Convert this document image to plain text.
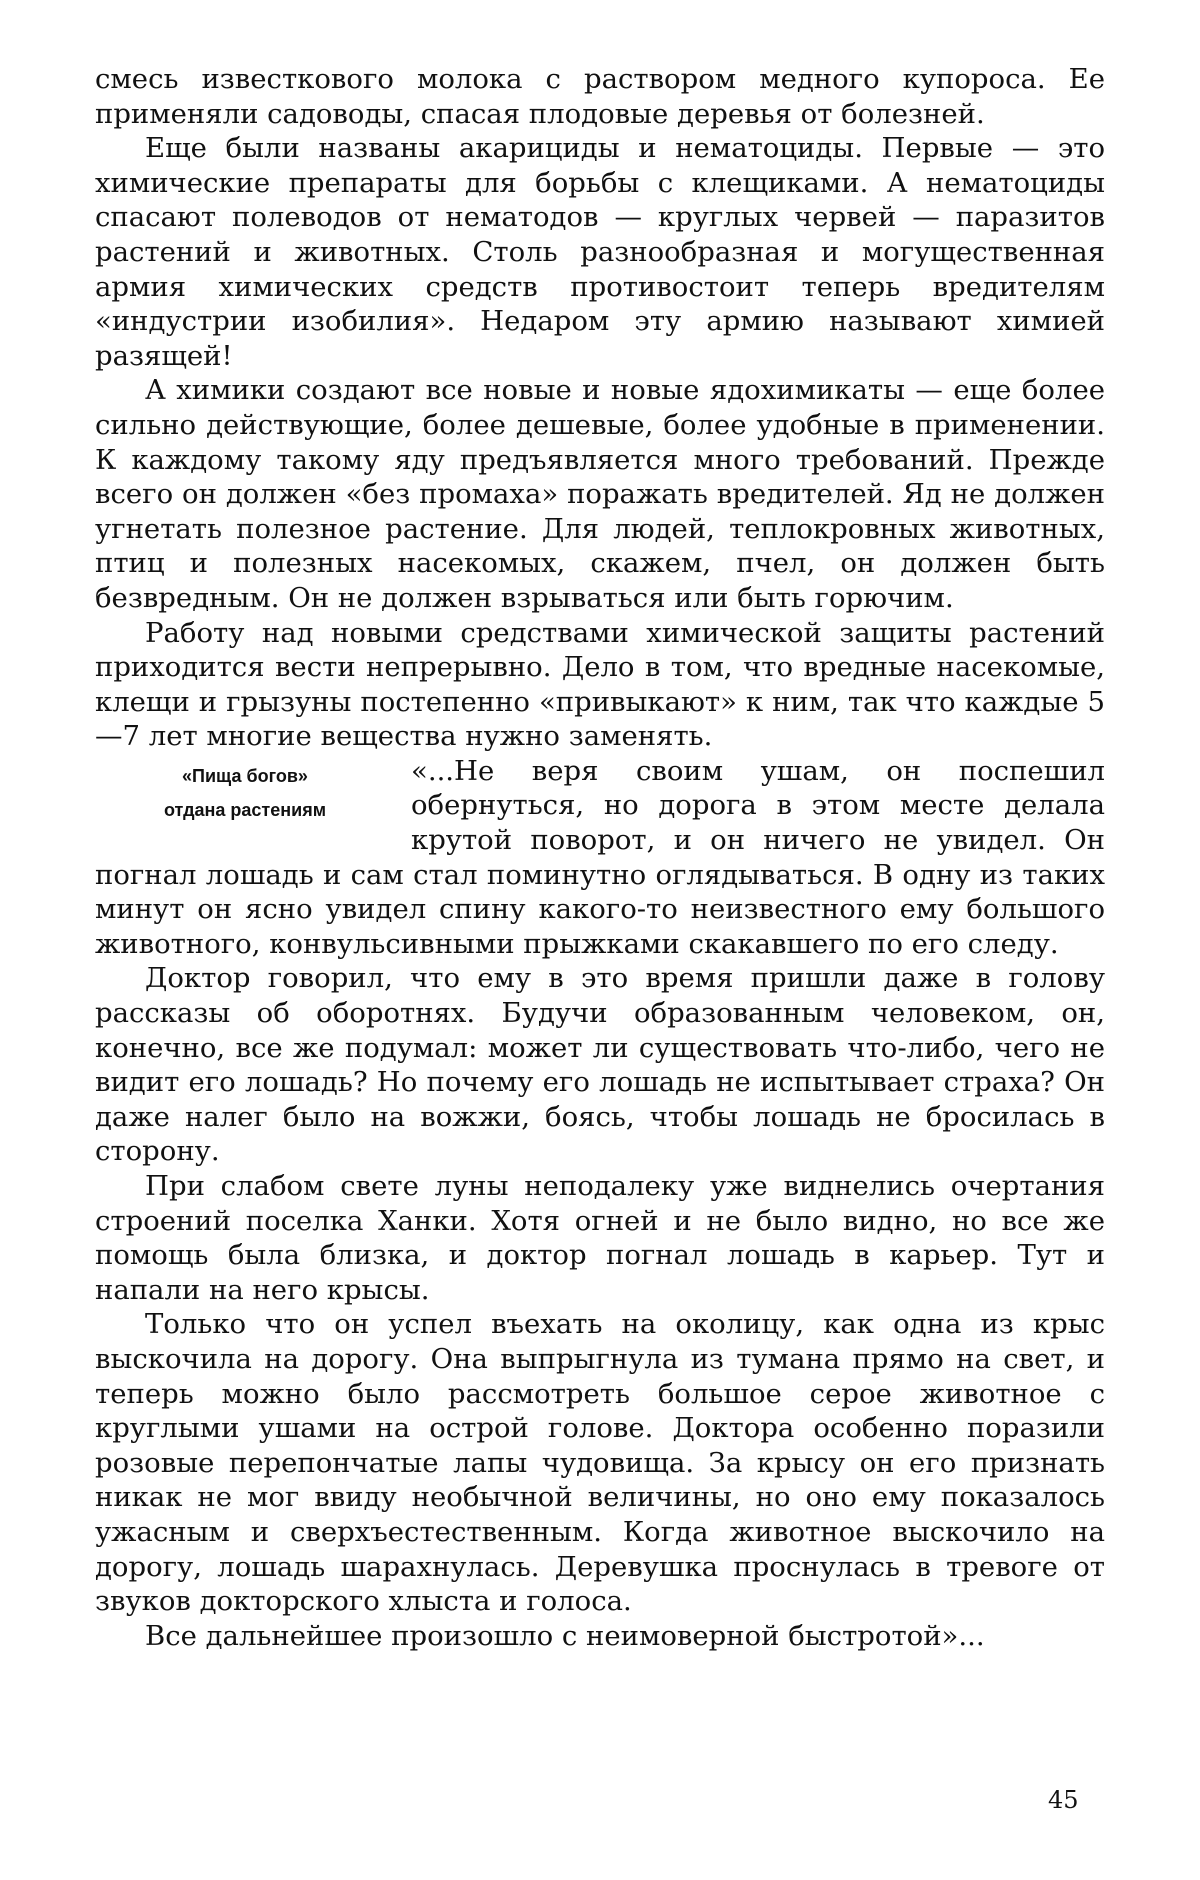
смесь известкового молока с раствором медного купороса. Ее применяли садоводы, спасая плодовые деревья от болезней.

Еще были названы акарициды и нематоциды. Первые — это химические препараты для борьбы с клещиками. А нематоциды спасают полеводов от нематодов — круглых червей — паразитов растений и животных. Столь разнообразная и могущественная армия химических средств противостоит теперь вредителям «индустрии изобилия». Недаром эту армию называют химией разящей!

А химики создают все новые и новые ядохимикаты — еще более сильно действующие, более дешевые, более удобные в применении. К каждому такому яду предъявляется много требований. Прежде всего он должен «без промаха» поражать вредителей. Яд не должен угнетать полезное растение. Для людей, теплокровных животных, птиц и полезных насекомых, скажем, пчел, он должен быть безвредным. Он не должен взрываться или быть горючим.

Работу над новыми средствами химической защиты растений приходится вести непрерывно. Дело в том, что вредные насекомые, клещи и грызуны постепенно «привыкают» к ним, так что каждые 5—7 лет многие вещества нужно заменять.

«Пища богов»
отдана растениям
«...Не веря своим ушам, он поспешил обернуться, но дорога в этом месте делала крутой поворот, и он ничего не увидел. Он погнал лошадь и сам стал поминутно оглядываться. В одну из таких минут он ясно увидел спину какого-то неизвестного ему большого животного, конвульсивными прыжками скакавшего по его следу.

Доктор говорил, что ему в это время пришли даже в голову рассказы об оборотнях. Будучи образованным человеком, он, конечно, все же подумал: может ли существовать что-либо, чего не видит его лошадь? Но почему его лошадь не испытывает страха? Он даже налег было на вожжи, боясь, чтобы лошадь не бросилась в сторону.

При слабом свете луны неподалеку уже виднелись очертания строений поселка Ханки. Хотя огней и не было видно, но все же помощь была близка, и доктор погнал лошадь в карьер. Тут и напали на него крысы.

Только что он успел въехать на околицу, как одна из крыс выскочила на дорогу. Она выпрыгнула из тумана прямо на свет, и теперь можно было рассмотреть большое серое животное с круглыми ушами на острой голове. Доктора особенно поразили розовые перепончатые лапы чудовища. За крысу он его признать никак не мог ввиду необычной величины, но оно ему показалось ужасным и сверхъестественным. Когда животное выскочило на дорогу, лошадь шарахнулась. Деревушка проснулась в тревоге от звуков докторского хлыста и голоса.

Все дальнейшее произошло с неимоверной быстротой»...

45
